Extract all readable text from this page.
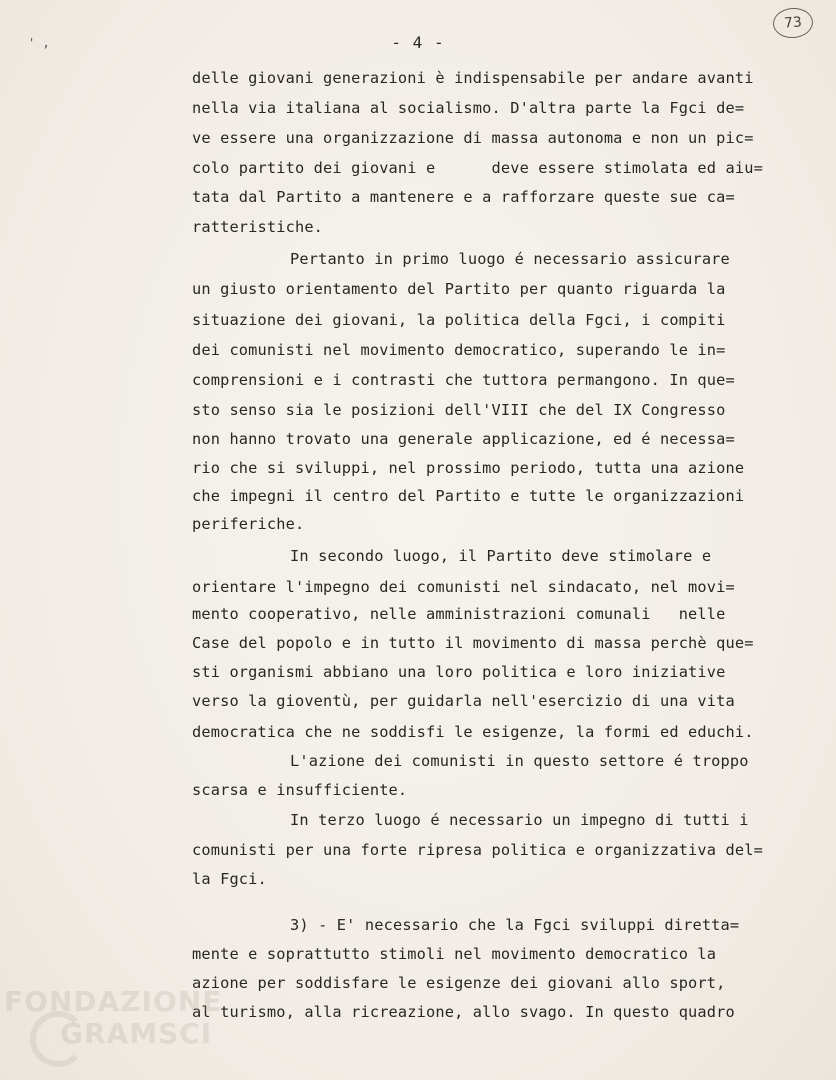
' ,	- 4 -
73
delle giovani generazioni è indispensabile per andare avanti
nella via italiana al socialismo. D'altra parte la Fgci de=
ve essere una organizzazione di massa autonoma e non un pic=
colo partito dei giovani e      deve essere stimolata ed aiu=
tata dal Partito a mantenere e a rafforzare queste sue ca=
ratteristiche.
Pertanto in primo luogo é necessario assicurare
un giusto orientamento del Partito per quanto riguarda la
situazione dei giovani, la politica della Fgci, i compiti
dei comunisti nel movimento democratico, superando le in=
comprensioni e i contrasti che tuttora permangono. In que=
sto senso sia le posizioni dell'VIII che del IX Congresso
non hanno trovato una generale applicazione, ed é necessa=
rio che si sviluppi, nel prossimo periodo, tutta una azione
che impegni il centro del Partito e tutte le organizzazioni
periferiche.
In secondo luogo, il Partito deve stimolare e
orientare l'impegno dei comunisti nel sindacato, nel movi=
mento cooperativo, nelle amministrazioni comunali   nelle
Case del popolo e in tutto il movimento di massa perchè que=
sti organismi abbiano una loro politica e loro iniziative
verso la gioventù, per guidarla nell'esercizio di una vita
democratica che ne soddisfi le esigenze, la formi ed educhi.
L'azione dei comunisti in questo settore é troppo
scarsa e insufficiente.
In terzo luogo é necessario un impegno di tutti i
comunisti per una forte ripresa politica e organizzativa del=
la Fgci.
3) - E' necessario che la Fgci sviluppi diretta=
mente e soprattutto stimoli nel movimento democratico la
azione per soddisfare le esigenze dei giovani allo sport,
al turismo, alla ricreazione, allo svago. In questo quadro
FONDAZIONE
GRAMSCI
